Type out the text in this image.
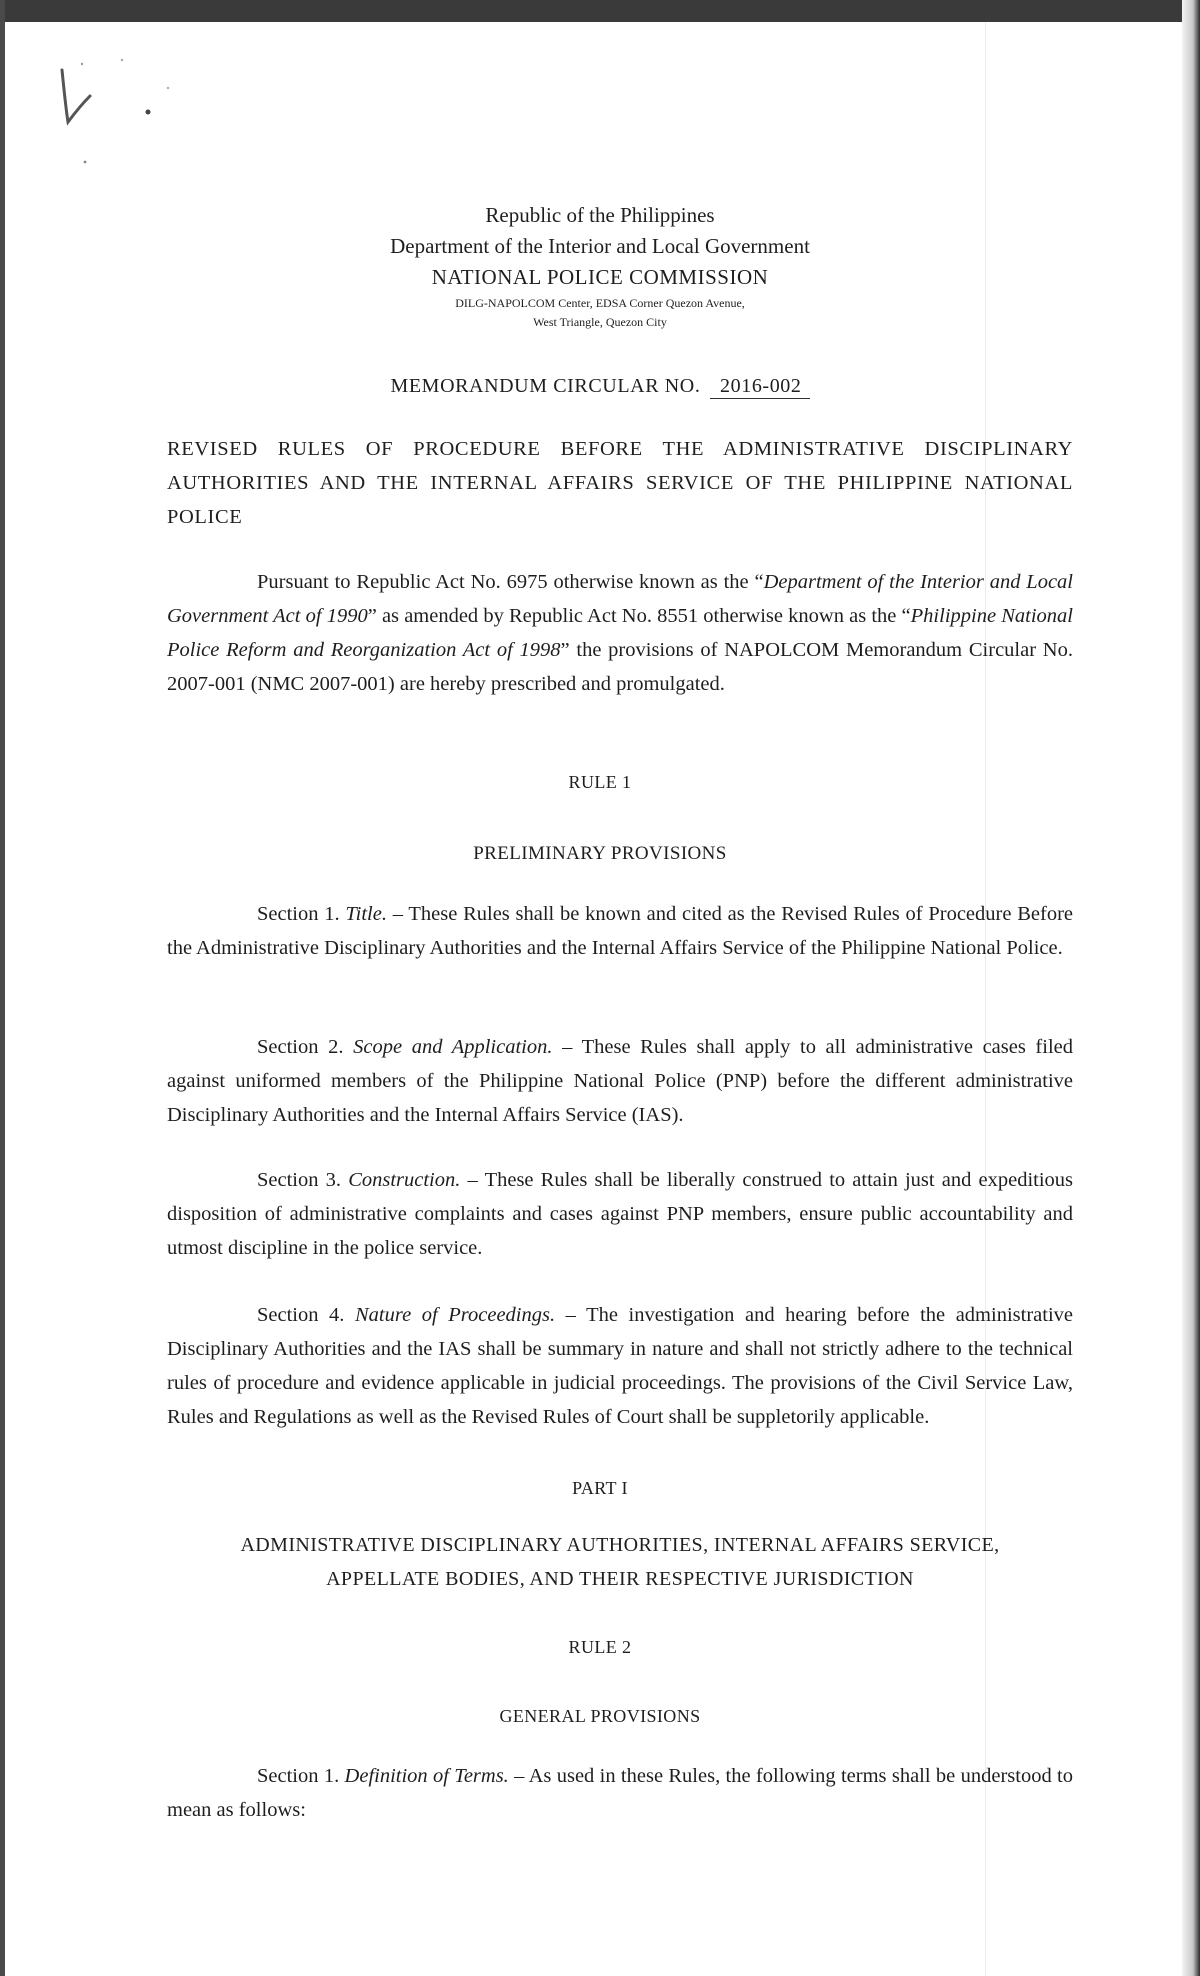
Republic of the Philippines
Department of the Interior and Local Government
NATIONAL POLICE COMMISSION
DILG-NAPOLCOM Center, EDSA Corner Quezon Avenue,
West Triangle, Quezon City
MEMORANDUM CIRCULAR NO. 2016-002
REVISED RULES OF PROCEDURE BEFORE THE ADMINISTRATIVE DISCIPLINARY AUTHORITIES AND THE INTERNAL AFFAIRS SERVICE OF THE PHILIPPINE NATIONAL POLICE
Pursuant to Republic Act No. 6975 otherwise known as the “Department of the Interior and Local Government Act of 1990” as amended by Republic Act No. 8551 otherwise known as the “Philippine National Police Reform and Reorganization Act of 1998” the provisions of NAPOLCOM Memorandum Circular No. 2007-001 (NMC 2007-001) are hereby prescribed and promulgated.
RULE 1
PRELIMINARY PROVISIONS
Section 1. Title. – These Rules shall be known and cited as the Revised Rules of Procedure Before the Administrative Disciplinary Authorities and the Internal Affairs Service of the Philippine National Police.
Section 2. Scope and Application. – These Rules shall apply to all administrative cases filed against uniformed members of the Philippine National Police (PNP) before the different administrative Disciplinary Authorities and the Internal Affairs Service (IAS).
Section 3. Construction. – These Rules shall be liberally construed to attain just and expeditious disposition of administrative complaints and cases against PNP members, ensure public accountability and utmost discipline in the police service.
Section 4. Nature of Proceedings. – The investigation and hearing before the administrative Disciplinary Authorities and the IAS shall be summary in nature and shall not strictly adhere to the technical rules of procedure and evidence applicable in judicial proceedings. The provisions of the Civil Service Law, Rules and Regulations as well as the Revised Rules of Court shall be suppletorily applicable.
PART I
ADMINISTRATIVE DISCIPLINARY AUTHORITIES, INTERNAL AFFAIRS SERVICE,
APPELLATE BODIES, AND THEIR RESPECTIVE JURISDICTION
RULE 2
GENERAL PROVISIONS
Section 1. Definition of Terms. – As used in these Rules, the following terms shall be understood to mean as follows:
